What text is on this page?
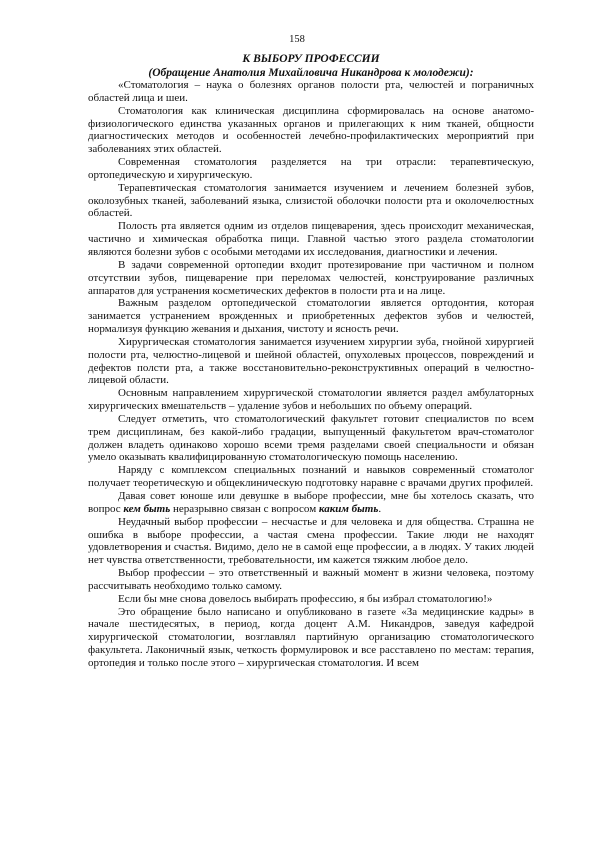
158
К ВЫБОРУ ПРОФЕССИИ
(Обращение Анатолия Михайловича Никандрова к молодежи):

«Стоматология – наука о болезнях органов полости рта, челюстей и пограничных областей лица и шеи.

Стоматология как клиническая дисциплина сформировалась на основе анатомо-физиологического единства указанных органов и прилегающих к ним тканей, общности диагностических методов и особенностей лечебно-профилактических мероприятий при заболеваниях этих областей.

Современная стоматология разделяется на три отрасли: терапевтическую, ортопедическую и хирургическую.

Терапевтическая стоматология занимается изучением и лечением болезней зубов, околозубных тканей, заболеваний языка, слизистой оболочки полости рта и околочелюстных областей.

Полость рта является одним из отделов пищеварения, здесь происходит механическая, частично и химическая обработка пищи. Главной частью этого раздела стоматологии являются болезни зубов с особыми методами их исследования, диагностики и лечения.

В задачи современной ортопедии входит протезирование при частичном и полном отсутствии зубов, пищеварение при переломах челюстей, конструирование различных аппаратов для устранения косметических дефектов в полости рта и на лице.

Важным разделом ортопедической стоматологии является ортодонтия, которая занимается устранением врожденных и приобретенных дефектов зубов и челюстей, нормализуя функцию жевания и дыхания, чистоту и ясность речи.

Хирургическая стоматология занимается изучением хирургии зуба, гнойной хирургией полости рта, челюстно-лицевой и шейной областей, опухолевых процессов, повреждений и дефектов полсти рта, а также восстановительно-реконструктивных операций в челюстно-лицевой области.

Основным направлением хирургической стоматологии является раздел амбулаторных хирургических вмешательств – удаление зубов и небольших по объему операций.

Следует отметить, что стоматологический факультет готовит специалистов по всем трем дисциплинам, без какой-либо градации, выпущенный факультетом врач-стоматолог должен владеть одинаково хорошо всеми тремя разделами своей специальности и обязан умело оказывать квалифицированную стоматологическую помощь населению.

Наряду с комплексом специальных познаний и навыков современный стоматолог получает теоретическую и общеклиническую подготовку наравне с врачами других профилей.

Давая совет юноше или девушке в выборе профессии, мне бы хотелось сказать, что вопрос кем быть неразрывно связан с вопросом каким быть.

Неудачный выбор профессии – несчастье и для человека и для общества. Страшна не ошибка в выборе профессии, а частая смена профессии. Такие люди не находят удовлетворения и счастья. Видимо, дело не в самой еще профессии, а в людях. У таких людей нет чувства ответственности, требовательности, им кажется тяжким любое дело.

Выбор профессии – это ответственный и важный момент в жизни человека, поэтому рассчитывать необходимо только самому.

Если бы мне снова довелось выбирать профессию, я бы избрал стоматологию!»

Это обращение было написано и опубликовано в газете «За медицинские кадры» в начале шестидесятых, в период, когда доцент А.М. Никандров, заведуя кафедрой хирургической стоматологии, возглавлял партийную организацию стоматологического факультета. Лаконичный язык, четкость формулировок и все расставлено по местам: терапия, ортопедия и только после этого – хирургическая стоматология. И всем
